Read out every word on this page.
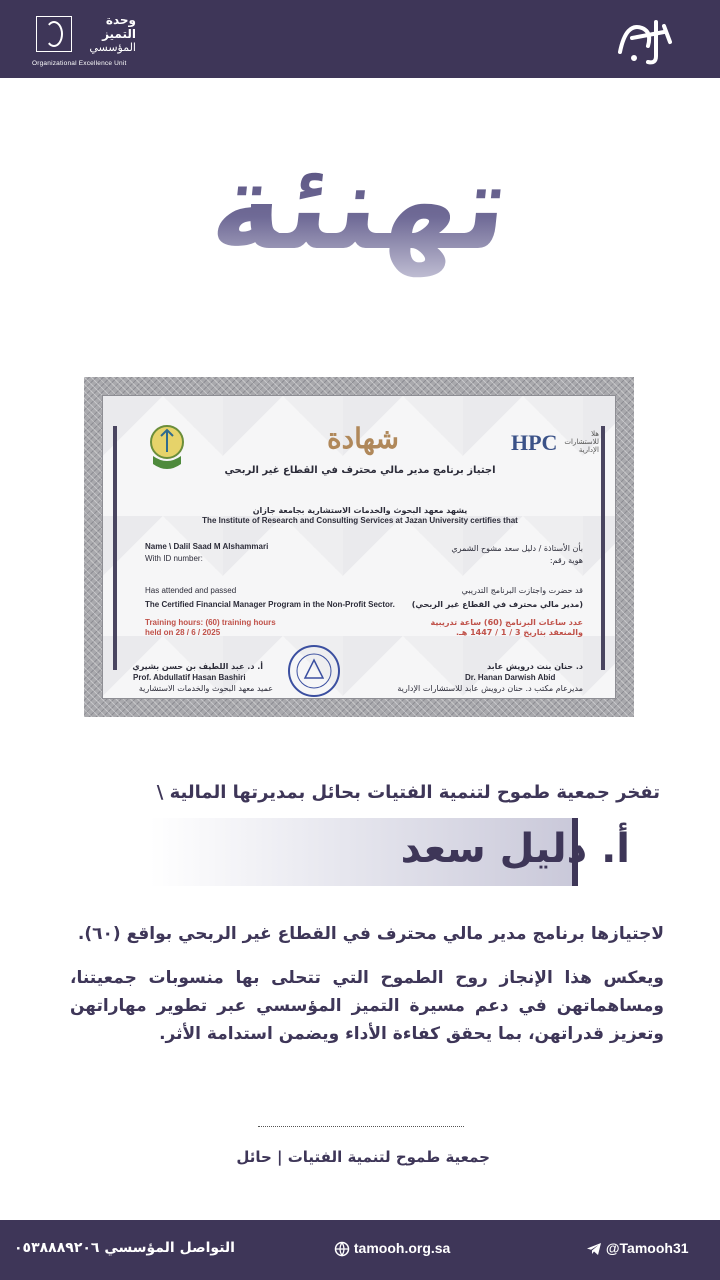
وحدة
التميز
المؤسسي
Organizational Excellence Unit
تهنئة
HPC	هلا للاستشارات الإدارية
شهادة
اجتياز برنامج مدير مالي محترف في القطاع غير الربحي
يشهد معهد البحوث والخدمات الاستشارية بجامعة جازان
The Institute of Research and Consulting Services at Jazan University certifies that
Name \ Dalil Saad M Alshammari
With ID number:
بأن الأستاذة / دليل سعد مشوح الشمري
هوية رقم:
Has attended and passed
The Certified Financial Manager Program in the Non-Profit Sector.
Training hours: (60) training hours
held on 28 / 6 / 2025
قد حضرت واجتازت البرنامج التدريبي
(مدير مالي محترف في القطاع غير الربحي)
عدد ساعات البرنامج (60) ساعة تدريبية
والمنعقد بتاريخ 3 / 1 / 1447 هـ.
أ. د. عبد اللطيف بن حسن بشيري
Prof. Abdullatif Hasan Bashiri
عميد معهد البحوث والخدمات الاستشارية
د. حنان بنت درويش عابد
Dr. Hanan Darwish Abid
مديرعام مكتب د. حنان درويش عابد للاستشارات الإدارية
تفخر جمعية طموح لتنمية الفتيات بحائل بمديرتها المالية \
أ. دليل سعد
لاجتيازها برنامج مدير مالي محترف في القطاع غير الربحي بواقع (٦٠).
ويعكس هذا الإنجاز روح الطموح التي تتحلى بها منسوبات جمعيتنا، ومساهماتهن في دعم مسيرة التميز المؤسسي عبر تطوير مهاراتهن وتعزيز قدراتهن، بما يحقق كفاءة الأداء ويضمن استدامة الأثر.
جمعية طموح لتنمية الفتيات | حائل
التواصل المؤسسي ٠٥٣٨٨٨٩٢٠٦	tamooh.org.sa	@Tamooh31
